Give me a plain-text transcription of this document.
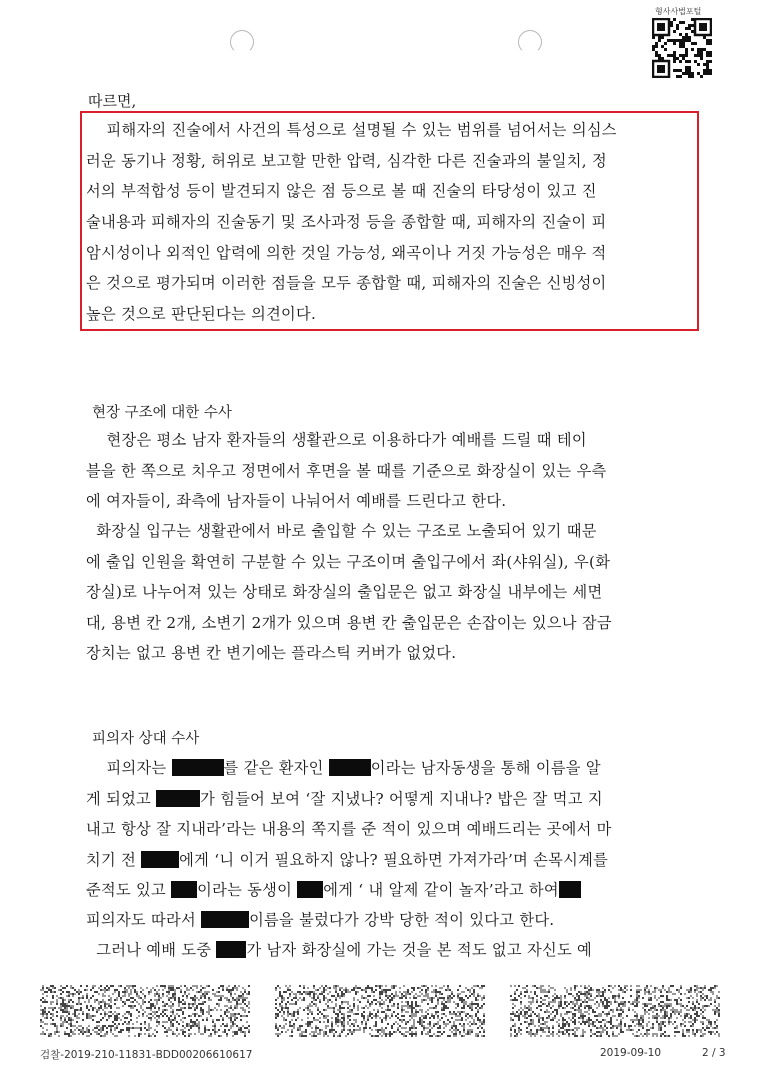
형사사법포털
따르면,
피해자의 진술에서 사건의 특성으로 설명될 수 있는 범위를 넘어서는 의심스
러운 동기나 정황, 허위로 보고할 만한 압력, 심각한 다른 진술과의 불일치, 정
서의 부적합성 등이 발견되지 않은 점 등으로 볼 때 진술의 타당성이 있고 진
술내용과 피해자의 진술동기 및 조사과정 등을 종합할 때, 피해자의 진술이 피
암시성이나 외적인 압력에 의한 것일 가능성, 왜곡이나 거짓 가능성은 매우 적
은 것으로 평가되며 이러한 점들을 모두 종합할 때, 피해자의 진술은 신빙성이
높은 것으로 판단된다는 의견이다.
현장 구조에 대한 수사
현장은 평소 남자 환자들의 생활관으로 이용하다가 예배를 드릴 때 테이
블을 한 쪽으로 치우고 정면에서 후면을 볼 때를 기준으로 화장실이 있는 우측
에 여자들이, 좌측에 남자들이 나눠어서 예배를 드린다고 한다.
화장실 입구는 생활관에서 바로 출입할 수 있는 구조로 노출되어 있기 때문
에 출입 인원을 확연히 구분할 수 있는 구조이며 출입구에서 좌(샤워실), 우(화
장실)로 나누어져 있는 상태로 화장실의 출입문은 없고 화장실 내부에는 세면
대, 용변 칸 2개, 소변기 2개가 있으며 용변 칸 출입문은 손잡이는 있으나 잠금
장치는 없고 용변 칸 변기에는 플라스틱 커버가 없었다.
피의자 상대 수사
피의자는	를 같은 환자인	이라는 남자동생을 통해 이름을 알
게 되었고	가 힘들어 보여 ‘잘 지냈나? 어떻게 지내나? 밥은 잘 먹고 지
내고 항상 잘 지내라’라는 내용의 쪽지를 준 적이 있으며 예배드리는 곳에서 마
치기 전	에게 ‘니 이거 필요하지 않나? 필요하면 가져가라’며 손목시계를
준적도 있고 이라는 동생이 에게 ‘ 내 알제 같이 놀자’라고 하여
피의자도 따라서	이름을 불렀다가 강박 당한 적이 있다고 한다.
그러나 예배 도중 가 남자 화장실에 가는 것을 본 적도 없고 자신도 예
검찰-2019-210-11831-BDD00206610617	2019-09-10	2 / 3
